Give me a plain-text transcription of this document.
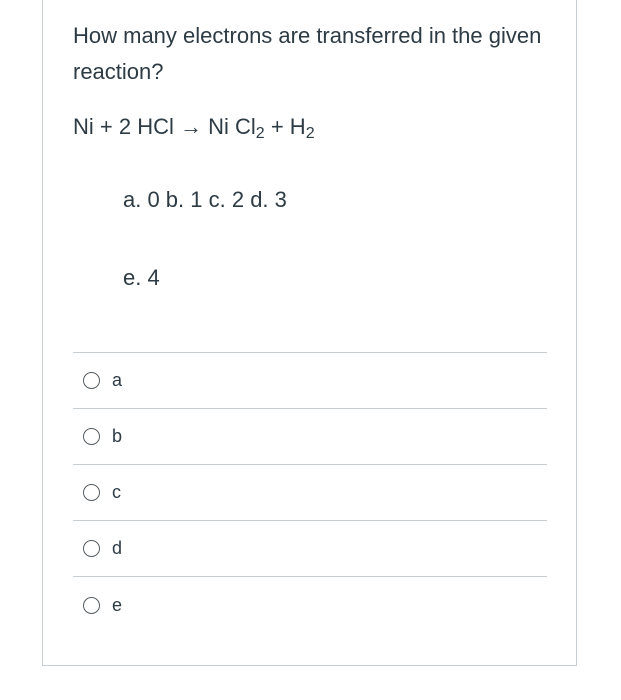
How many electrons are transferred in the given reaction?
Ni + 2 HCl → Ni $Cl_2 + H_2$
a. 0 b. 1 c. 2 d. 3
e. 4
a
b
c
d
e
